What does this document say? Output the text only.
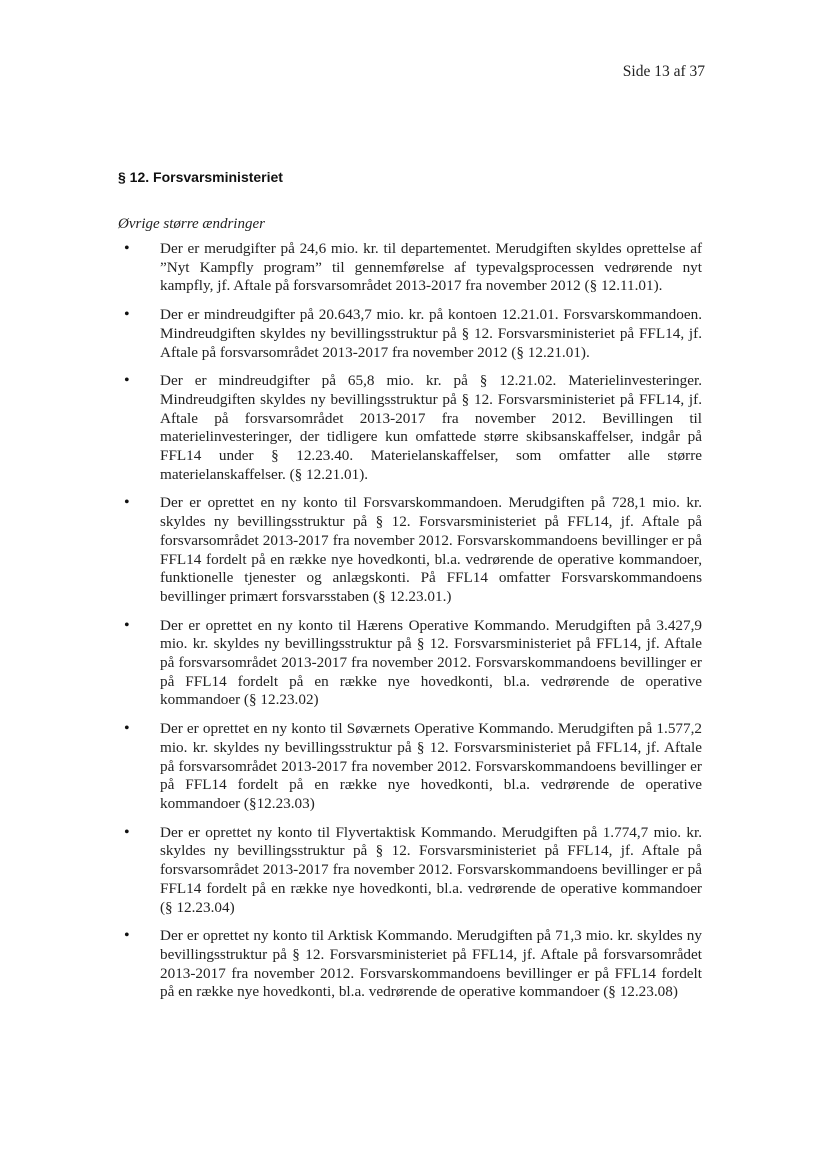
Side 13 af 37
§ 12. Forsvarsministeriet

Øvrige større ændringer

• Der er merudgifter på 24,6 mio. kr. til departementet. Merudgiften skyldes oprettelse af ”Nyt Kampfly program” til gennemførelse af typevalgsprocessen vedrørende nyt kampfly, jf. Aftale på forsvarsområdet 2013-2017 fra november 2012 (§ 12.11.01).
• Der er mindreudgifter på 20.643,7 mio. kr. på kontoen 12.21.01. Forsvarskommandoen. Mindreudgiften skyldes ny bevillingsstruktur på § 12. Forsvarsministeriet på FFL14, jf. Aftale på forsvarsområdet 2013-2017 fra november 2012 (§ 12.21.01).
• Der er mindreudgifter på 65,8 mio. kr. på § 12.21.02. Materielinvesteringer. Mindreudgiften skyldes ny bevillingsstruktur på § 12. Forsvarsministeriet på FFL14, jf. Aftale på forsvarsområdet 2013-2017 fra november 2012. Bevillingen til materielinvesteringer, der tidligere kun omfattede større skibsanskaffelser, indgår på FFL14 under § 12.23.40. Materielanskaffelser, som omfatter alle større materielanskaffelser. (§ 12.21.01).
• Der er oprettet en ny konto til Forsvarskommandoen. Merudgiften på 728,1 mio. kr. skyldes ny bevillingsstruktur på § 12. Forsvarsministeriet på FFL14, jf. Aftale på forsvarsområdet 2013-2017 fra november 2012. Forsvarskommandoens bevillinger er på FFL14 fordelt på en række nye hovedkonti, bl.a. vedrørende de operative kommandoer, funktionelle tjenester og anlægskonti. På FFL14 omfatter Forsvarskommandoens bevillinger primært forsvarsstaben (§ 12.23.01.)
• Der er oprettet en ny konto til Hærens Operative Kommando. Merudgiften på 3.427,9 mio. kr. skyldes ny bevillingsstruktur på § 12. Forsvarsministeriet på FFL14, jf. Aftale på forsvarsområdet 2013-2017 fra november 2012. Forsvarskommandoens bevillinger er på FFL14 fordelt på en række nye hovedkonti, bl.a. vedrørende de operative kommandoer (§ 12.23.02)
• Der er oprettet en ny konto til Søværnets Operative Kommando. Merudgiften på 1.577,2 mio. kr. skyldes ny bevillingsstruktur på § 12. Forsvarsministeriet på FFL14, jf. Aftale på forsvarsområdet 2013-2017 fra november 2012. Forsvarskommandoens bevillinger er på FFL14 fordelt på en række nye hovedkonti, bl.a. vedrørende de operative kommandoer (§12.23.03)
• Der er oprettet ny konto til Flyvertaktisk Kommando. Merudgiften på 1.774,7 mio. kr. skyldes ny bevillingsstruktur på § 12. Forsvarsministeriet på FFL14, jf. Aftale på forsvarsområdet 2013-2017 fra november 2012. Forsvarskommandoens bevillinger er på FFL14 fordelt på en række nye hovedkonti, bl.a. vedrørende de operative kommandoer (§ 12.23.04)
• Der er oprettet ny konto til Arktisk Kommando. Merudgiften på 71,3 mio. kr. skyldes ny bevillingsstruktur på § 12. Forsvarsministeriet på FFL14, jf. Aftale på forsvarsområdet 2013-2017 fra november 2012. Forsvarskommandoens bevillinger er på FFL14 fordelt på en række nye hovedkonti, bl.a. vedrørende de operative kommandoer (§ 12.23.08)
